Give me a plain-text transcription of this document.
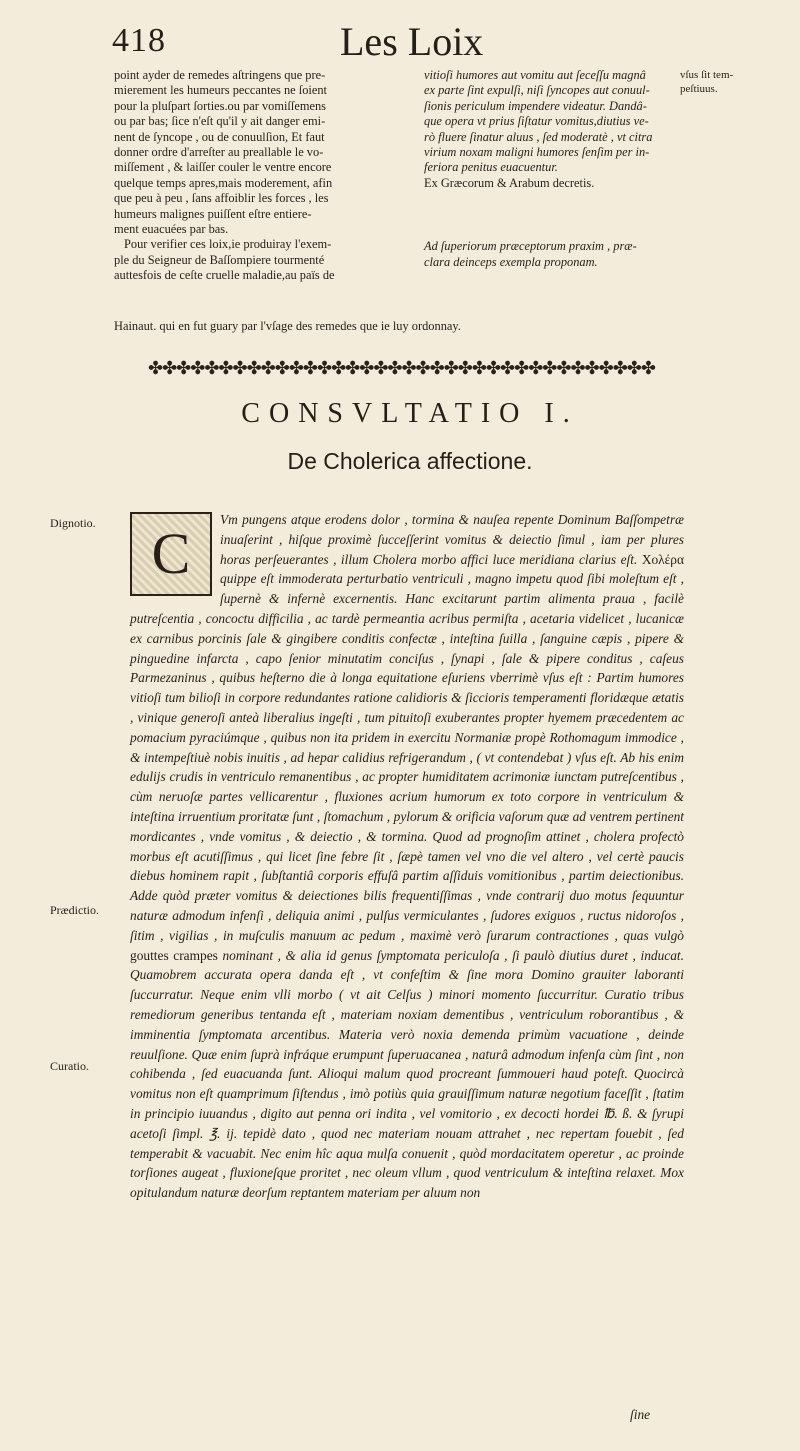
418	Les Loix

point ayder de remedes aſtringens que pre-

mierement les humeurs peccantes ne ſoient

pour la pluſpart ſorties.ou par vomiſſemens

ou par bas; ſice n'eſt qu'il y ait danger emi-

nent de ſyncope , ou de conuulſion, Et faut

donner ordre d'arreſter au preallable le vo-

miſſement , & laiſſer couler le ventre encore

quelque temps apres,mais moderement, afin

que peu à peu , ſans affoiblir les forces , les

humeurs malignes puiſſent eſtre entiere-

ment euacuées par bas.

Pour verifier ces loix,ie produiray l'exem-

ple du Seigneur de Baſſompiere tourmenté

auttesfois de ceſte cruelle maladie,au païs de

Hainaut. qui en fut guary par l'vſage des remedes que ie luy ordonnay.

vitioſi humores aut vomitu aut ſeceſſu magnâ

ex parte ſint expulſi, niſi ſyncopes aut conuul-

ſionis periculum impendere videatur. Dandâ-

que opera vt prius ſiſtatur vomitus,diutius ve-

rò fluere ſinatur aluus , ſed moderatè , vt citra

virium noxam maligni humores ſenſim per in-

feriora penitus euacuentur.

Ex Græcorum & Arabum decretis.

Ad ſuperiorum præceptorum praxim , præ-

clara deinceps exempla proponam.

vſus ſit tem-
peſtiuus.
✤✤✤✤✤✤✤✤✤✤✤✤✤✤✤✤✤✤✤✤✤✤✤✤✤✤✤✤✤✤✤✤✤✤✤✤
CONSVLTATIO I.
De Cholerica affectione.
Dignotio.
Prædictio.
Curatio.
C
Vm pungens atque erodens dolor , tormina & nauſea repente Dominum Baſſompetræ inuaſerint , hiſque proximè ſucceſſerint vomitus & deiectio ſimul , iam per plures horas perſeuerantes , illum Cholera morbo affici luce meridiana clarius eſt. Χολέρα quippe eſt immoderata perturbatio ventriculi , magno impetu quod ſibi moleſtum eſt , ſupernè & infernè excernentis. Hanc excitarunt partim alimenta praua , facilè putreſcentia , concoctu difficilia , ac tardè permeantia acribus permiſta , acetaria videlicet , lucanicæ ex carnibus porcinis ſale & gingibere conditis confectæ , inteſtina ſuilla , ſanguine cæpis , pipere & pinguedine infarcta , capo ſenior minutatim conciſus , ſynapi , ſale & pipere conditus , caſeus Parmezaninus , quibus heſterno die à longa equitatione eſuriens vberrimè vſus eſt : Partim humores vitioſi tum bilioſi in corpore redundantes ratione calidioris & ſiccioris temperamenti floridæque ætatis , vinique generoſi anteà liberalius ingeſti , tum pituitoſi exuberantes propter hyemem præcedentem ac pomacium pyraciúmque , quibus non ita pridem in exercitu Normaniæ propè Rothomagum immodice , & intempeſtiuè nobis inuitis , ad hepar calidius refrigerandum , ( vt contendebat ) vſus eſt. Ab his enim edulijs crudis in ventriculo remanentibus , ac propter humiditatem acrimoniæ iunctam putreſcentibus , cùm neruoſæ partes vellicarentur , fluxiones acrium humorum ex toto corpore in ventriculum & inteſtina irruentium proritatæ ſunt , ſtomachum , pylorum & orificia vaſorum quæ ad ventrem pertinent mordicantes , vnde vomitus , & deiectio , & tormina. Quod ad prognoſim attinet , cholera profectò morbus eſt acutiſſimus , qui licet ſine febre ſit , ſæpè tamen vel vno die vel altero , vel certè paucis diebus hominem rapit , ſubſtantiâ corporis effuſâ partim aſſiduis vomitionibus , partim deiectionibus. Adde quòd præter vomitus & deiectiones bilis frequentiſſimas , vnde contrarij duo motus ſequuntur naturæ admodum infenſi , deliquia animi , pulſus vermiculantes , ſudores exiguos , ructus nidoroſos , ſitim , vigilias , in muſculis manuum ac pedum , maximè verò ſurarum contractiones , quas vulgò gouttes crampes nominant , & alia id genus ſymptomata periculoſa , ſi paulò diutius duret , inducat. Quamobrem accurata opera danda eſt , vt confeſtim & ſine mora Domino grauiter laboranti ſuccurratur. Neque enim vlli morbo ( vt ait Celſus ) minori momento ſuccurritur. Curatio tribus remediorum generibus tentanda eſt , materiam noxiam dementibus , ventriculum roborantibus , & imminentia ſymptomata arcentibus. Materia verò noxia demenda primùm vacuatione , deinde reuulſione. Quæ enim ſuprà infráque erumpunt ſuperuacanea , naturâ admodum infenſa cùm ſint , non cohibenda , ſed euacuanda ſunt. Alioqui malum quod procreant ſummoueri haud poteſt. Quocircà vomitus non eſt quamprimum ſiſtendus , imò potiùs quia grauiſſimum naturæ negotium faceſſit , ſtatim in principio iuuandus , digito aut penna ori indita , vel vomitorio , ex decocti hordei ℔. ß. & ſyrupi acetoſi ſimpl. ℥. ij. tepidè dato , quod nec materiam nouam attrahet , nec repertam fouebit , ſed temperabit & vacuabit. Nec enim hîc aqua mulſa conuenit , quòd mordacitatem operetur , ac proinde torſiones augeat , fluxioneſque proritet , nec oleum vllum , quod ventriculum & inteſtina relaxet. Mox opitulandum naturæ deorſum reptantem materiam per aluum non
ſine
